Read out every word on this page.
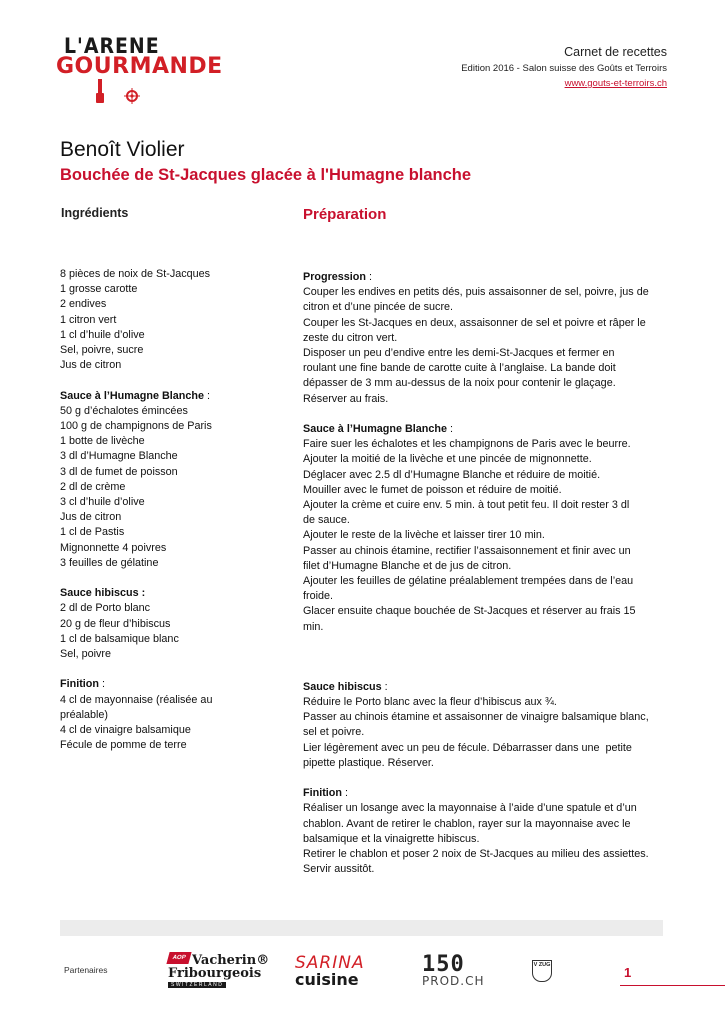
L'ARENE
GOURMANDE
Carnet de recettes
Edition 2016 - Salon suisse des Goûts et Terroirs
www.gouts-et-terroirs.ch
Benoît Violier
Bouchée de St-Jacques glacée à l'Humagne blanche
Ingrédients	Préparation
8 pièces de noix de St-Jacques
1 grosse carotte
2 endives
1 citron vert
1 cl d’huile d’olive
Sel, poivre, sucre
Jus de citron
Sauce à l’Humagne Blanche :
50 g d’échalotes émincées
100 g de champignons de Paris
1 botte de livèche
3 dl d’Humagne Blanche
3 dl de fumet de poisson
2 dl de crème
3 cl d’huile d’olive
Jus de citron
1 cl de Pastis
Mignonnette 4 poivres
3 feuilles de gélatine
Sauce hibiscus :
2 dl de Porto blanc
20 g de fleur d’hibiscus
1 cl de balsamique blanc
Sel, poivre
Finition :
4 cl de mayonnaise (réalisée au
préalable)
4 cl de vinaigre balsamique
Fécule de pomme de terre
Progression :
Couper les endives en petits dés, puis assaisonner de sel, poivre, jus de
citron et d’une pincée de sucre.
Couper les St-Jacques en deux, assaisonner de sel et poivre et râper le
zeste du citron vert.
Disposer un peu d’endive entre les demi-St-Jacques et fermer en
roulant une fine bande de carotte cuite à l’anglaise. La bande doit
dépasser de 3 mm au-dessus de la noix pour contenir le glaçage.
Réserver au frais.
Sauce à l’Humagne Blanche :
Faire suer les échalotes et les champignons de Paris avec le beurre.
Ajouter la moitié de la livèche et une pincée de mignonnette.
Déglacer avec 2.5 dl d’Humagne Blanche et réduire de moitié.
Mouiller avec le fumet de poisson et réduire de moitié.
Ajouter la crème et cuire env. 5 min. à tout petit feu. Il doit rester 3 dl
de sauce.
Ajouter le reste de la livèche et laisser tirer 10 min.
Passer au chinois étamine, rectifier l’assaisonnement et finir avec un
filet d’Humagne Blanche et de jus de citron.
Ajouter les feuilles de gélatine préalablement trempées dans de l’eau
froide.
Glacer ensuite chaque bouchée de St-Jacques et réserver au frais 15
min.
Sauce hibiscus :
Réduire le Porto blanc avec la fleur d’hibiscus aux ¾.
Passer au chinois étamine et assaisonner de vinaigre balsamique blanc,
sel et poivre.
Lier légèrement avec un peu de fécule. Débarrasser dans une  petite
pipette plastique. Réserver.
Finition :
Réaliser un losange avec la mayonnaise à l’aide d’une spatule et d’un
chablon. Avant de retirer le chablon, rayer sur la mayonnaise avec le
balsamique et la vinaigrette hibiscus.
Retirer le chablon et poser 2 noix de St-Jacques au milieu des assiettes.
Servir aussitôt.
Partenaires
AOP Vacherin®
Fribourgeois
SWITZERLAND
SARINA
cuisine
150
PROD.CH
V ZUG	1
